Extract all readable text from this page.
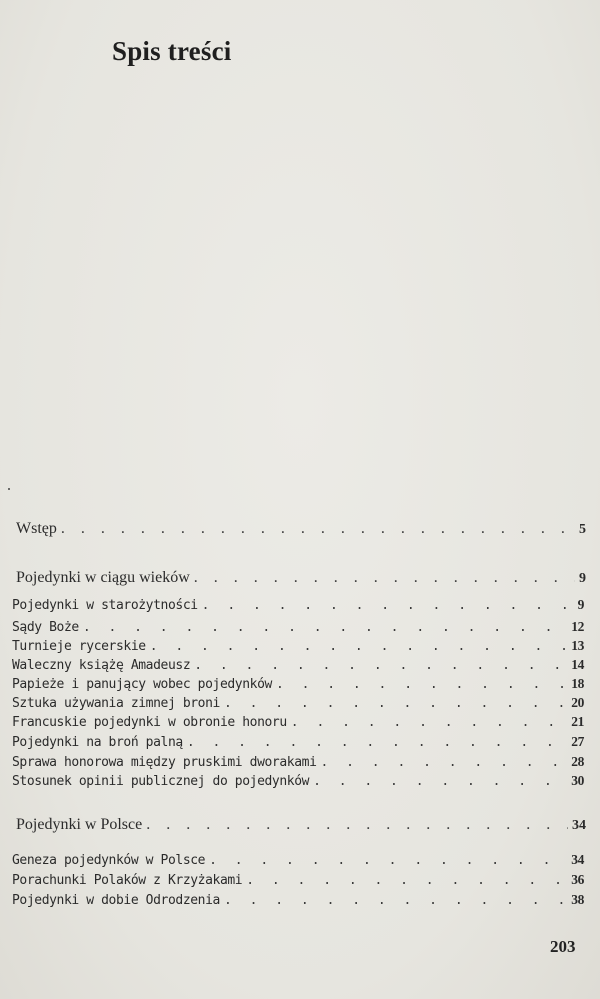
Spis treści
Wstęp . . .	5
Pojedynki w ciągu wieków . . .	9
Pojedynki w starożytności . . .	9
Sądy Boże . . .	12
Turnieje rycerskie . . .	13
Waleczny książę Amadeusz . . .	14
Papieże i panujący wobec pojedynków . . .	18
Sztuka używania zimnej broni . . .	20
Francuskie pojedynki w obronie honoru . . .	21
Pojedynki na broń palną . . .	27
Sprawa honorowa między pruskimi dworakami . . .	28
Stosunek opinii publicznej do pojedynków . . .	30
Pojedynki w Polsce . . .	34
Geneza pojedynków w Polsce . . .	34
Porachunki Polaków z Krzyżakami . . .	36
Pojedynki w dobie Odrodzenia . . .	38
203
